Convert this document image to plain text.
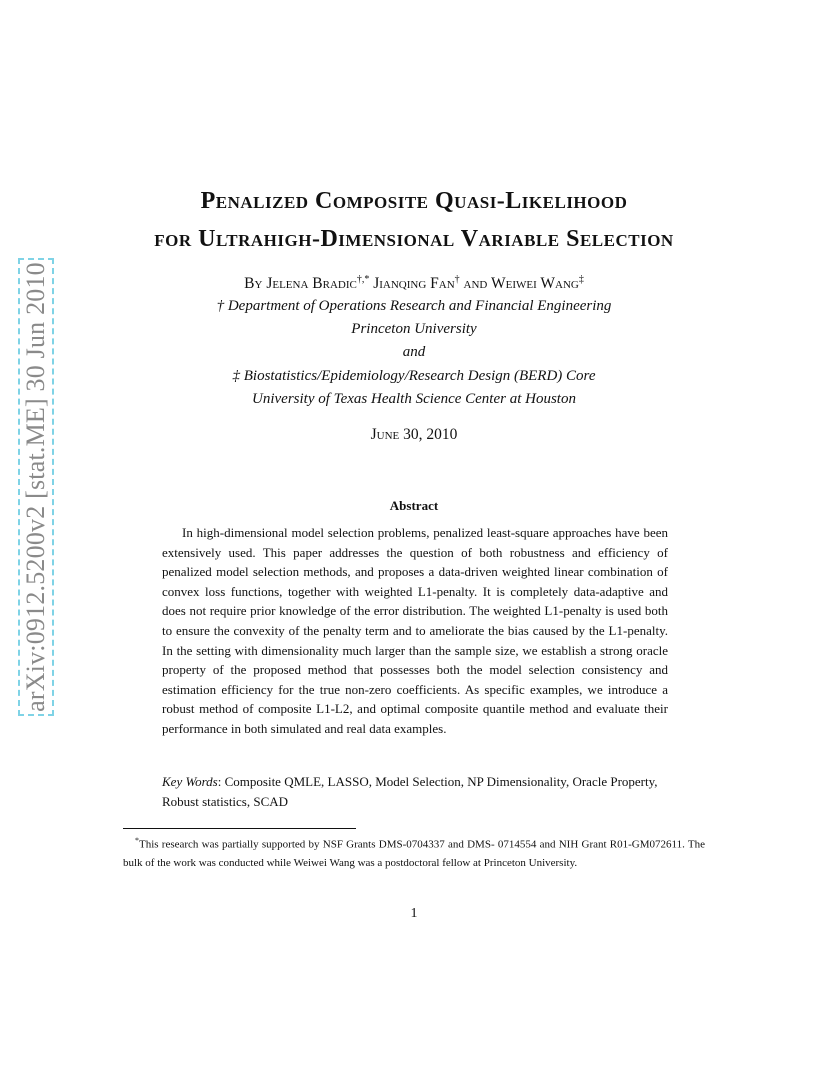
arXiv:0912.5200v2 [stat.ME] 30 Jun 2010
Penalized Composite Quasi-Likelihood
for Ultrahigh-Dimensional Variable Selection
By Jelena Bradic†,* Jianqing Fan† and Weiwei Wang‡
† Department of Operations Research and Financial Engineering
Princeton University
and
‡ Biostatistics/Epidemiology/Research Design (BERD) Core
University of Texas Health Science Center at Houston
June 30, 2010
Abstract

In high-dimensional model selection problems, penalized least-square approaches have been extensively used. This paper addresses the question of both robustness and efficiency of penalized model selection methods, and proposes a data-driven weighted linear combination of convex loss functions, together with weighted L1-penalty. It is completely data-adaptive and does not require prior knowledge of the error distribution. The weighted L1-penalty is used both to ensure the convexity of the penalty term and to ameliorate the bias caused by the L1-penalty. In the setting with dimensionality much larger than the sample size, we establish a strong oracle property of the proposed method that possesses both the model selection consistency and estimation efficiency for the true non-zero coefficients. As specific examples, we introduce a robust method of composite L1-L2, and optimal composite quantile method and evaluate their performance in both simulated and real data examples.

Key Words: Composite QMLE, LASSO, Model Selection, NP Dimensionality, Oracle Property, Robust statistics, SCAD

*This research was partially supported by NSF Grants DMS-0704337 and DMS- 0714554 and NIH Grant R01-GM072611. The bulk of the work was conducted while Weiwei Wang was a postdoctoral fellow at Princeton University.

1
